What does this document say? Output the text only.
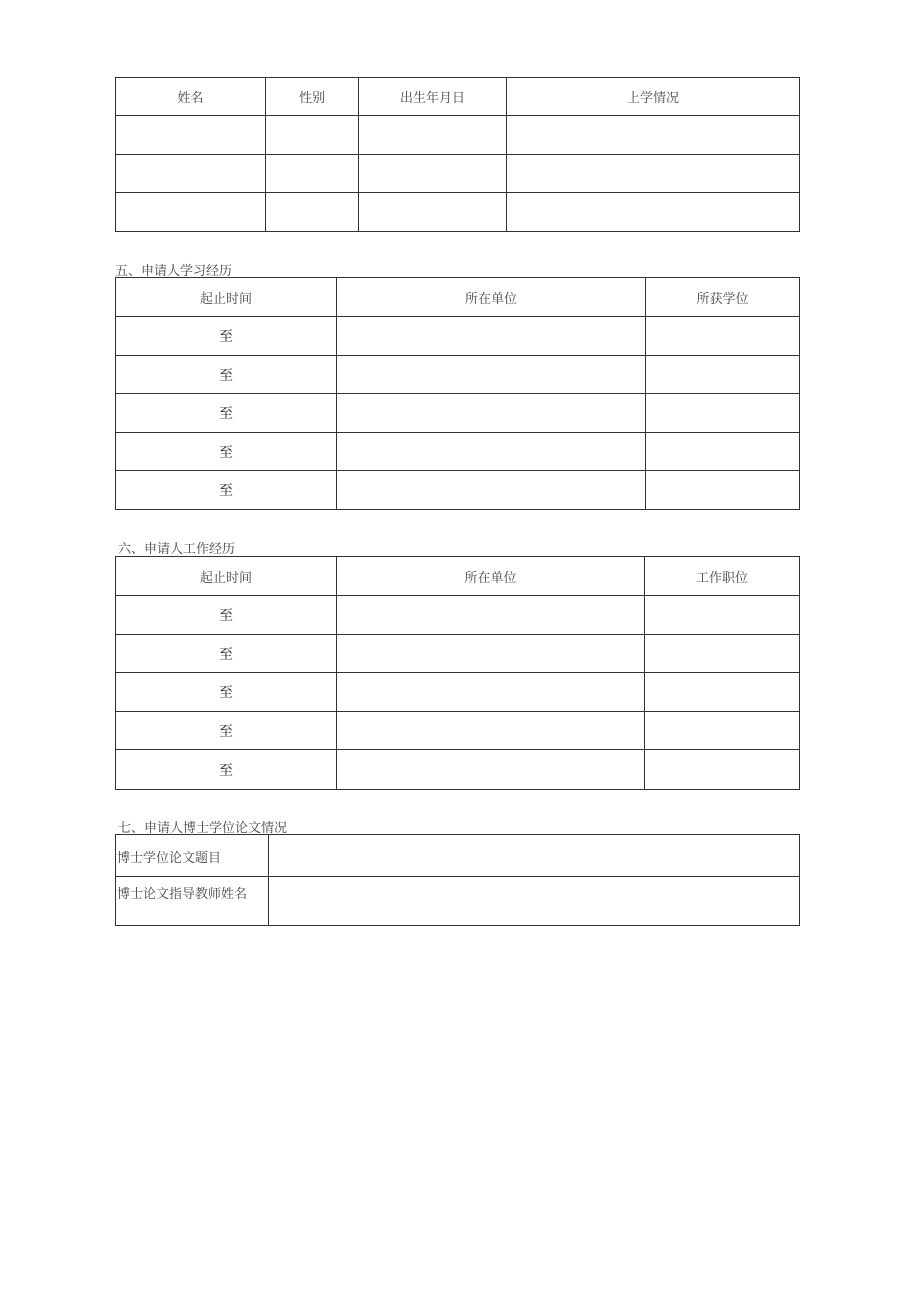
姓名	性别	出生年月日	上学情况

五、申请人学习经历
起止时间	所在单位	所获学位
至		
至		
至		
至		
至		
六、申请人工作经历
起止时间	所在单位	工作职位
至		
至		
至		
至		
至		
七、申请人博士学位论文情况
博士学位论文题目	
博士论文指导教师姓名	
